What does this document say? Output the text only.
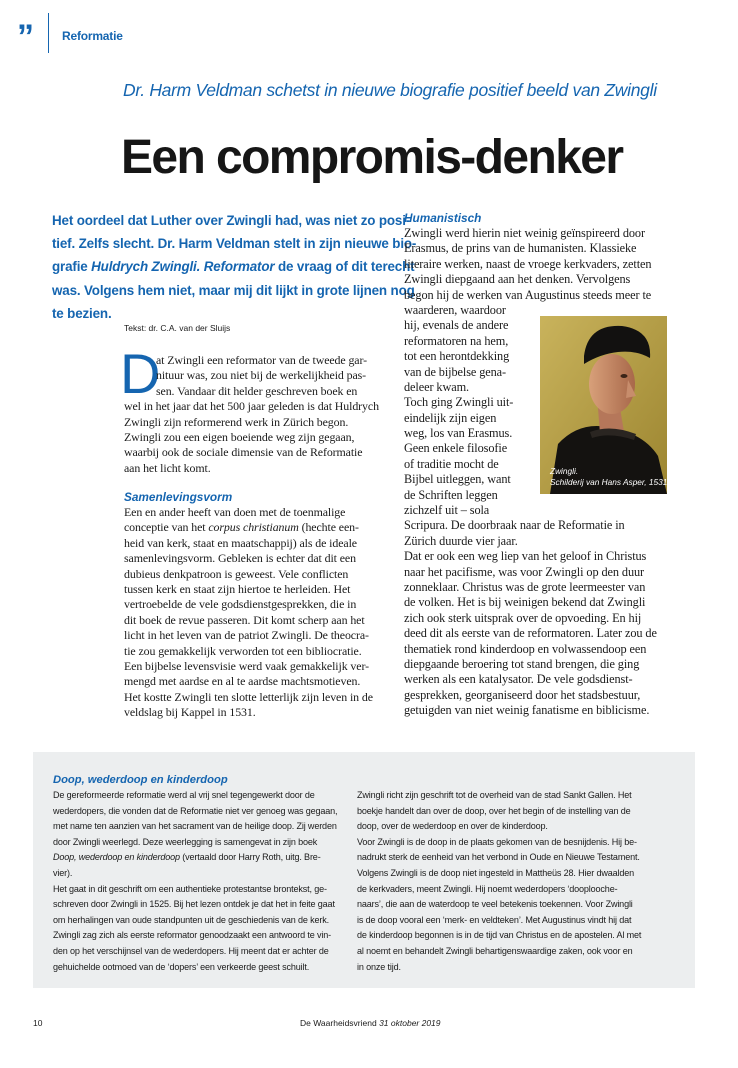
”	Reformatie
Dr. Harm Veldman schetst in nieuwe biografie positief beeld van Zwingli
Een compromis-denker
Het oordeel dat Luther over Zwingli had, was niet zo posi-
tief. Zelfs slecht. Dr. Harm Veldman stelt in zijn nieuwe bio-
grafie Huldrych Zwingli. Reformator de vraag of dit terecht
was. Volgens hem niet, maar mij dit lijkt in grote lijnen nog
te bezien.
Tekst: dr. C.A. van der Sluijs
D
at Zwingli een reformator van de tweede gar-
nituur was, zou niet bij de werkelijkheid pas-
sen. Vandaar dit helder geschreven boek en
wel in het jaar dat het 500 jaar geleden is dat Huldrych
Zwingli zijn reformerend werk in Zürich begon.
Zwingli zou een eigen boeiende weg zijn gegaan,
waarbij ook de sociale dimensie van de Reformatie
aan het licht komt.
Samenlevingsvorm
Een en ander heeft van doen met de toenmalige
conceptie van het corpus christianum (hechte een-
heid van kerk, staat en maatschappij) als de ideale
samenlevingsvorm. Gebleken is echter dat dit een
dubieus denkpatroon is geweest. Vele conflicten
tussen kerk en staat zijn hiertoe te herleiden. Het
vertroebelde de vele godsdienstgesprekken, die in
dit boek de revue passeren. Dit komt scherp aan het
licht in het leven van de patriot Zwingli. De theocra-
tie zou gemakkelijk verworden tot een bibliocratie.
Een bijbelse levensvisie werd vaak gemakkelijk ver-
mengd met aardse en al te aardse machtsmotieven.
Het kostte Zwingli ten slotte letterlijk zijn leven in de
veldslag bij Kappel in 1531.
Humanistisch
Zwingli werd hierin niet weinig geïnspireerd door
Erasmus, de prins van de humanisten. Klassieke
literaire werken, naast de vroege kerkvaders, zetten
Zwingli diepgaand aan het denken. Vervolgens
begon hij de werken van Augustinus steeds meer te
waarderen, waardoor
hij, evenals de andere
reformatoren na hem,
tot een herontdekking
van de bijbelse gena-
deleer kwam.
Toch ging Zwingli uit-
eindelijk zijn eigen
weg, los van Erasmus.
Geen enkele filosofie
of traditie mocht de
Bijbel uitleggen, want
de Schriften leggen
zichzelf uit – sola
Scripura. De doorbraak naar de Reformatie in
Zürich duurde vier jaar.
Dat er ook een weg liep van het geloof in Christus
naar het pacifisme, was voor Zwingli op den duur
zonneklaar. Christus was de grote leermeester van
de volken. Het is bij weinigen bekend dat Zwingli
zich ook sterk uitsprak over de opvoeding. En hij
deed dit als eerste van de reformatoren. Later zou de
thematiek rond kinderdoop en volwassendoop een
diepgaande beroering tot stand brengen, die ging
werken als een katalysator. De vele godsdienst-
gesprekken, georganiseerd door het stadsbestuur,
getuigden van niet weinig fanatisme en biblicisme.
Zwingli.
Schilderij van Hans Asper, 1531.
Doop, wederdoop en kinderdoop
De gereformeerde reformatie werd al vrij snel tegengewerkt door de
wederdopers, die vonden dat de Reformatie niet ver genoeg was gegaan,
met name ten aanzien van het sacrament van de heilige doop. Zij werden
door Zwingli weerlegd. Deze weerlegging is samengevat in zijn boek
Doop, wederdoop en kinderdoop (vertaald door Harry Roth, uitg. Bre-
vier).
Het gaat in dit geschrift om een authentieke protestantse brontekst, ge-
schreven door Zwingli in 1525. Bij het lezen ontdek je dat het in feite gaat
om herhalingen van oude standpunten uit de geschiedenis van de kerk.
Zwingli zag zich als eerste reformator genoodzaakt een antwoord te vin-
den op het verschijnsel van de wederdopers. Hij meent dat er achter de
gehuichelde ootmoed van de ‘dopers’ een verkeerde geest schuilt.
Zwingli richt zijn geschrift tot de overheid van de stad Sankt Gallen. Het
boekje handelt dan over de doop, over het begin of de instelling van de
doop, over de wederdoop en over de kinderdoop.
Voor Zwingli is de doop in de plaats gekomen van de besnijdenis. Hij be-
nadrukt sterk de eenheid van het verbond in Oude en Nieuwe Testament.
Volgens Zwingli is de doop niet ingesteld in Mattheüs 28. Hier dwaalden
de kerkvaders, meent Zwingli. Hij noemt wederdopers ‘dooplooche-
naars’, die aan de waterdoop te veel betekenis toekennen. Voor Zwingli
is de doop vooral een ‘merk- en veldteken’. Met Augustinus vindt hij dat
de kinderdoop begonnen is in de tijd van Christus en de apostelen. Al met
al noemt en behandelt Zwingli behartigenswaardige zaken, ook voor en
in onze tijd.
10	De Waarheidsvriend 31 oktober 2019
